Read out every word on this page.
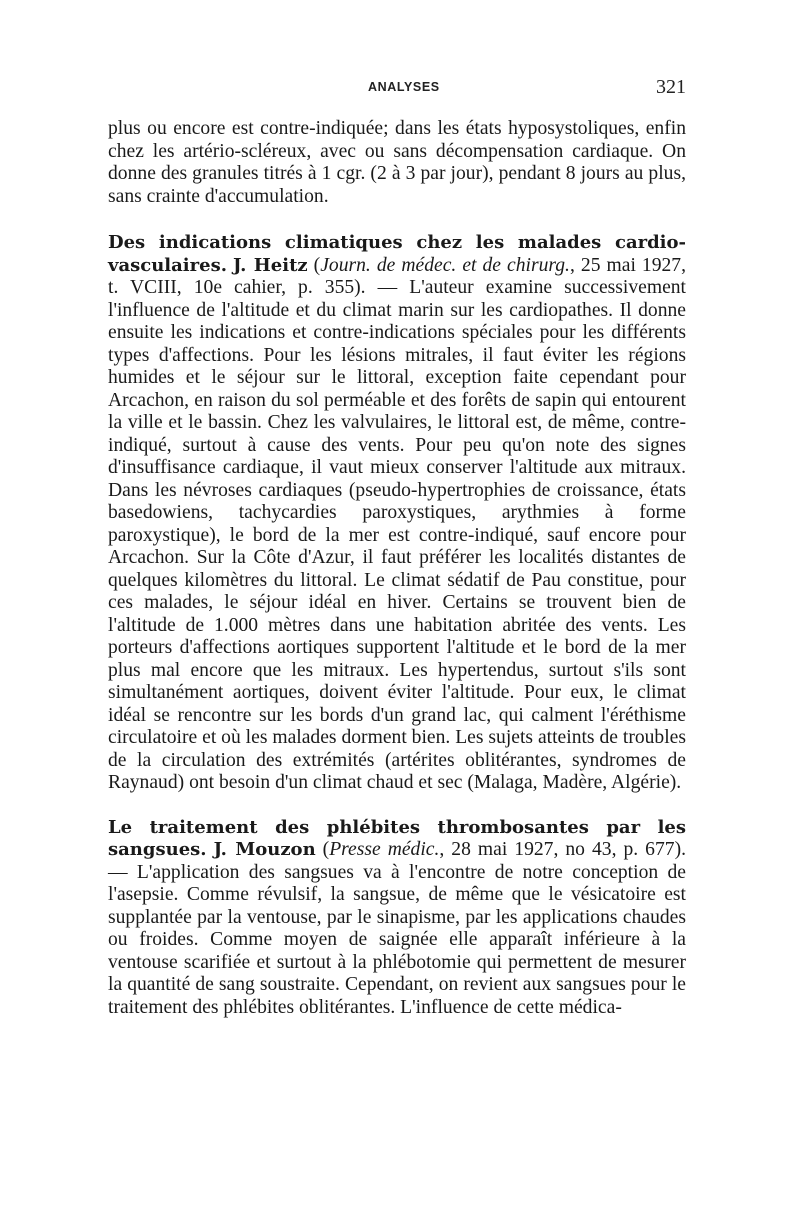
ANALYSES	321

plus ou encore est contre-indiquée; dans les états hyposystoliques, enfin chez les artério-scléreux, avec ou sans décompensation cardiaque. On donne des granules titrés à 1 cgr. (2 à 3 par jour), pendant 8 jours au plus, sans crainte d'accumulation.

Des indications climatiques chez les malades cardio-vasculaires. J. Heitz (Journ. de médec. et de chirurg., 25 mai 1927, t. VCIII, 10e cahier, p. 355). — L'auteur examine successivement l'influence de l'altitude et du climat marin sur les cardiopathes. Il donne ensuite les indications et contre-indications spéciales pour les différents types d'affections. Pour les lésions mitrales, il faut éviter les régions humides et le séjour sur le littoral, exception faite cependant pour Arcachon, en raison du sol perméable et des forêts de sapin qui entourent la ville et le bassin. Chez les valvulaires, le littoral est, de même, contre-indiqué, surtout à cause des vents. Pour peu qu'on note des signes d'insuffisance cardiaque, il vaut mieux conserver l'altitude aux mitraux. Dans les névroses cardiaques (pseudo-hypertrophies de croissance, états basedowiens, tachycardies paroxystiques, arythmies à forme paroxystique), le bord de la mer est contre-indiqué, sauf encore pour Arcachon. Sur la Côte d'Azur, il faut préférer les localités distantes de quelques kilomètres du littoral. Le climat sédatif de Pau constitue, pour ces malades, le séjour idéal en hiver. Certains se trouvent bien de l'altitude de 1.000 mètres dans une habitation abritée des vents. Les porteurs d'affections aortiques supportent l'altitude et le bord de la mer plus mal encore que les mitraux. Les hypertendus, surtout s'ils sont simultanément aortiques, doivent éviter l'altitude. Pour eux, le climat idéal se rencontre sur les bords d'un grand lac, qui calment l'éréthisme circulatoire et où les malades dorment bien. Les sujets atteints de troubles de la circulation des extrémités (artérites oblitérantes, syndromes de Raynaud) ont besoin d'un climat chaud et sec (Malaga, Madère, Algérie).

Le traitement des phlébites thrombosantes par les sangsues. J. Mouzon (Presse médic., 28 mai 1927, no 43, p. 677). — L'application des sangsues va à l'encontre de notre conception de l'asepsie. Comme révulsif, la sangsue, de même que le vésicatoire est supplantée par la ventouse, par le sinapisme, par les applications chaudes ou froides. Comme moyen de saignée elle apparaît inférieure à la ventouse scarifiée et surtout à la phlébotomie qui permettent de mesurer la quantité de sang soustraite. Cependant, on revient aux sangsues pour le traitement des phlébites oblitérantes. L'influence de cette médica-
